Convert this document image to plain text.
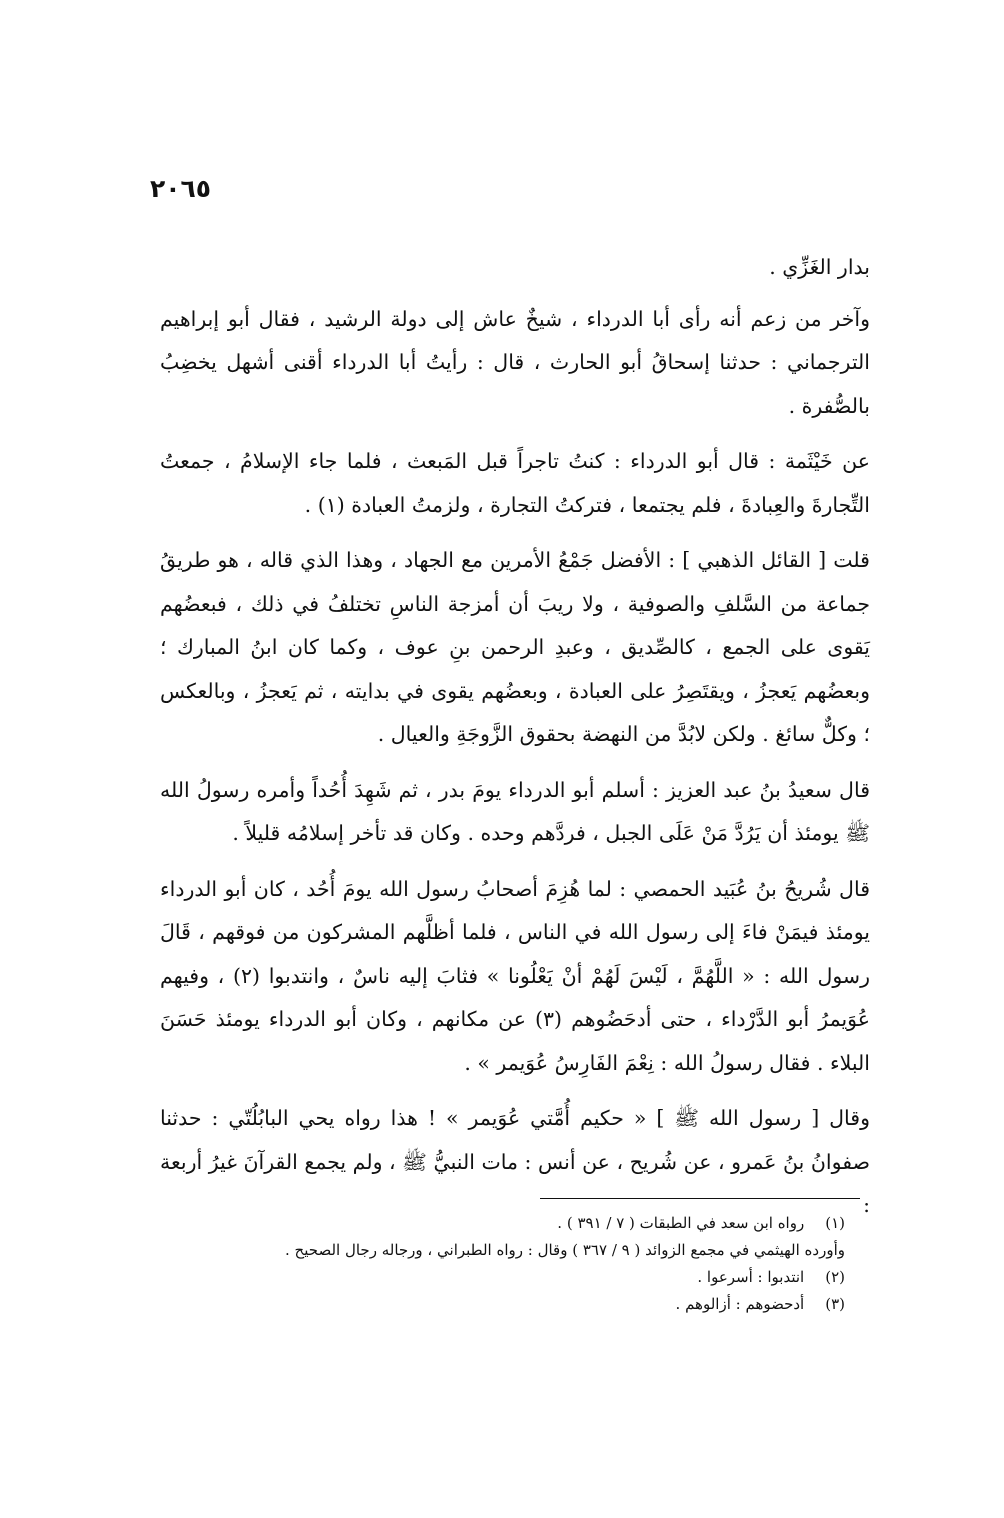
٢٠٦٥

بدار الغَزِّي .

وآخر من زعم أنه رأى أبا الدرداء ، شيخٌ عاش إلى دولة الرشيد ، فقال أبو إبراهيم الترجماني : حدثنا إسحاقُ أبو الحارث ، قال : رأيتُ أبا الدرداء أقنى أشهل يخضِبُ بالصُّفرة .

عن خَيْثَمة : قال أبو الدرداء : كنتُ تاجراً قبل المَبعث ، فلما جاء الإسلامُ ، جمعتُ التِّجارةَ والعِبادةَ ، فلم يجتمعا ، فتركتُ التجارة ، ولزمتُ العبادة (١) .

قلت [ القائل الذهبي ] : الأفضل جَمْعُ الأمرين مع الجهاد ، وهذا الذي قاله ، هو طريقُ جماعة من السَّلفِ والصوفية ، ولا ريبَ أن أمزجة الناسِ تختلفُ في ذلك ، فبعضُهم يَقوى على الجمع ، كالصِّديق ، وعبدِ الرحمن بنِ عوف ، وكما كان ابنُ المبارك ؛ وبعضُهم يَعجزُ ، ويقتَصِرُ على العبادة ، وبعضُهم يقوى في بدايته ، ثم يَعجزُ ، وبالعكس ؛ وكلٌّ سائغ . ولكن لابُدَّ من النهضة بحقوق الزَّوجَةِ والعيال .

قال سعيدُ بنُ عبد العزيز : أسلم أبو الدرداء يومَ بدر ، ثم شَهِدَ أُحُداً وأمره رسولُ الله ﷺ يومئذ أن يَرُدَّ مَنْ عَلَى الجبل ، فردَّهم وحده . وكان قد تأخر إسلامُه قليلاً .

قال شُريحُ بنُ عُبَيد الحمصي : لما هُزِمَ أصحابُ رسول الله يومَ أُحُد ، كان أبو الدرداء يومئذ فيمَنْ فاءَ إلى رسول الله في الناس ، فلما أظلَّهم المشركون من فوقهم ، قَالَ رسول الله : « اللَّهُمَّ ، لَيْسَ لَهُمْ أنْ يَعْلُونا » فثابَ إليه ناسٌ ، وانتدبوا (٢) ، وفيهم عُوَيمرُ أبو الدَّرْداء ، حتى أدحَضُوهم (٣) عن مكانهم ، وكان أبو الدرداء يومئذ حَسَنَ البلاء . فقال رسولُ الله : نِعْمَ الفَارِسُ عُوَيمر » .

وقال [ رسول الله ﷺ ] « حكيم أُمَّتي عُوَيمر » ! هذا رواه يحي البابُلُتّي : حدثنا صفوانُ بنُ عَمرو ، عن شُريح ، عن أنس : مات النبيُّ ﷺ ، ولم يجمع القرآنَ غيرُ أربعة :

(١) رواه ابن سعد في الطبقات ( ٧ / ٣٩١ ) .

وأورده الهيثمي في مجمع الزوائد ( ٩ / ٣٦٧ ) وقال : رواه الطبراني ، ورجاله رجال الصحيح .

(٢) انتدبوا : أسرعوا .

(٣) أدحضوهم : أزالوهم .
